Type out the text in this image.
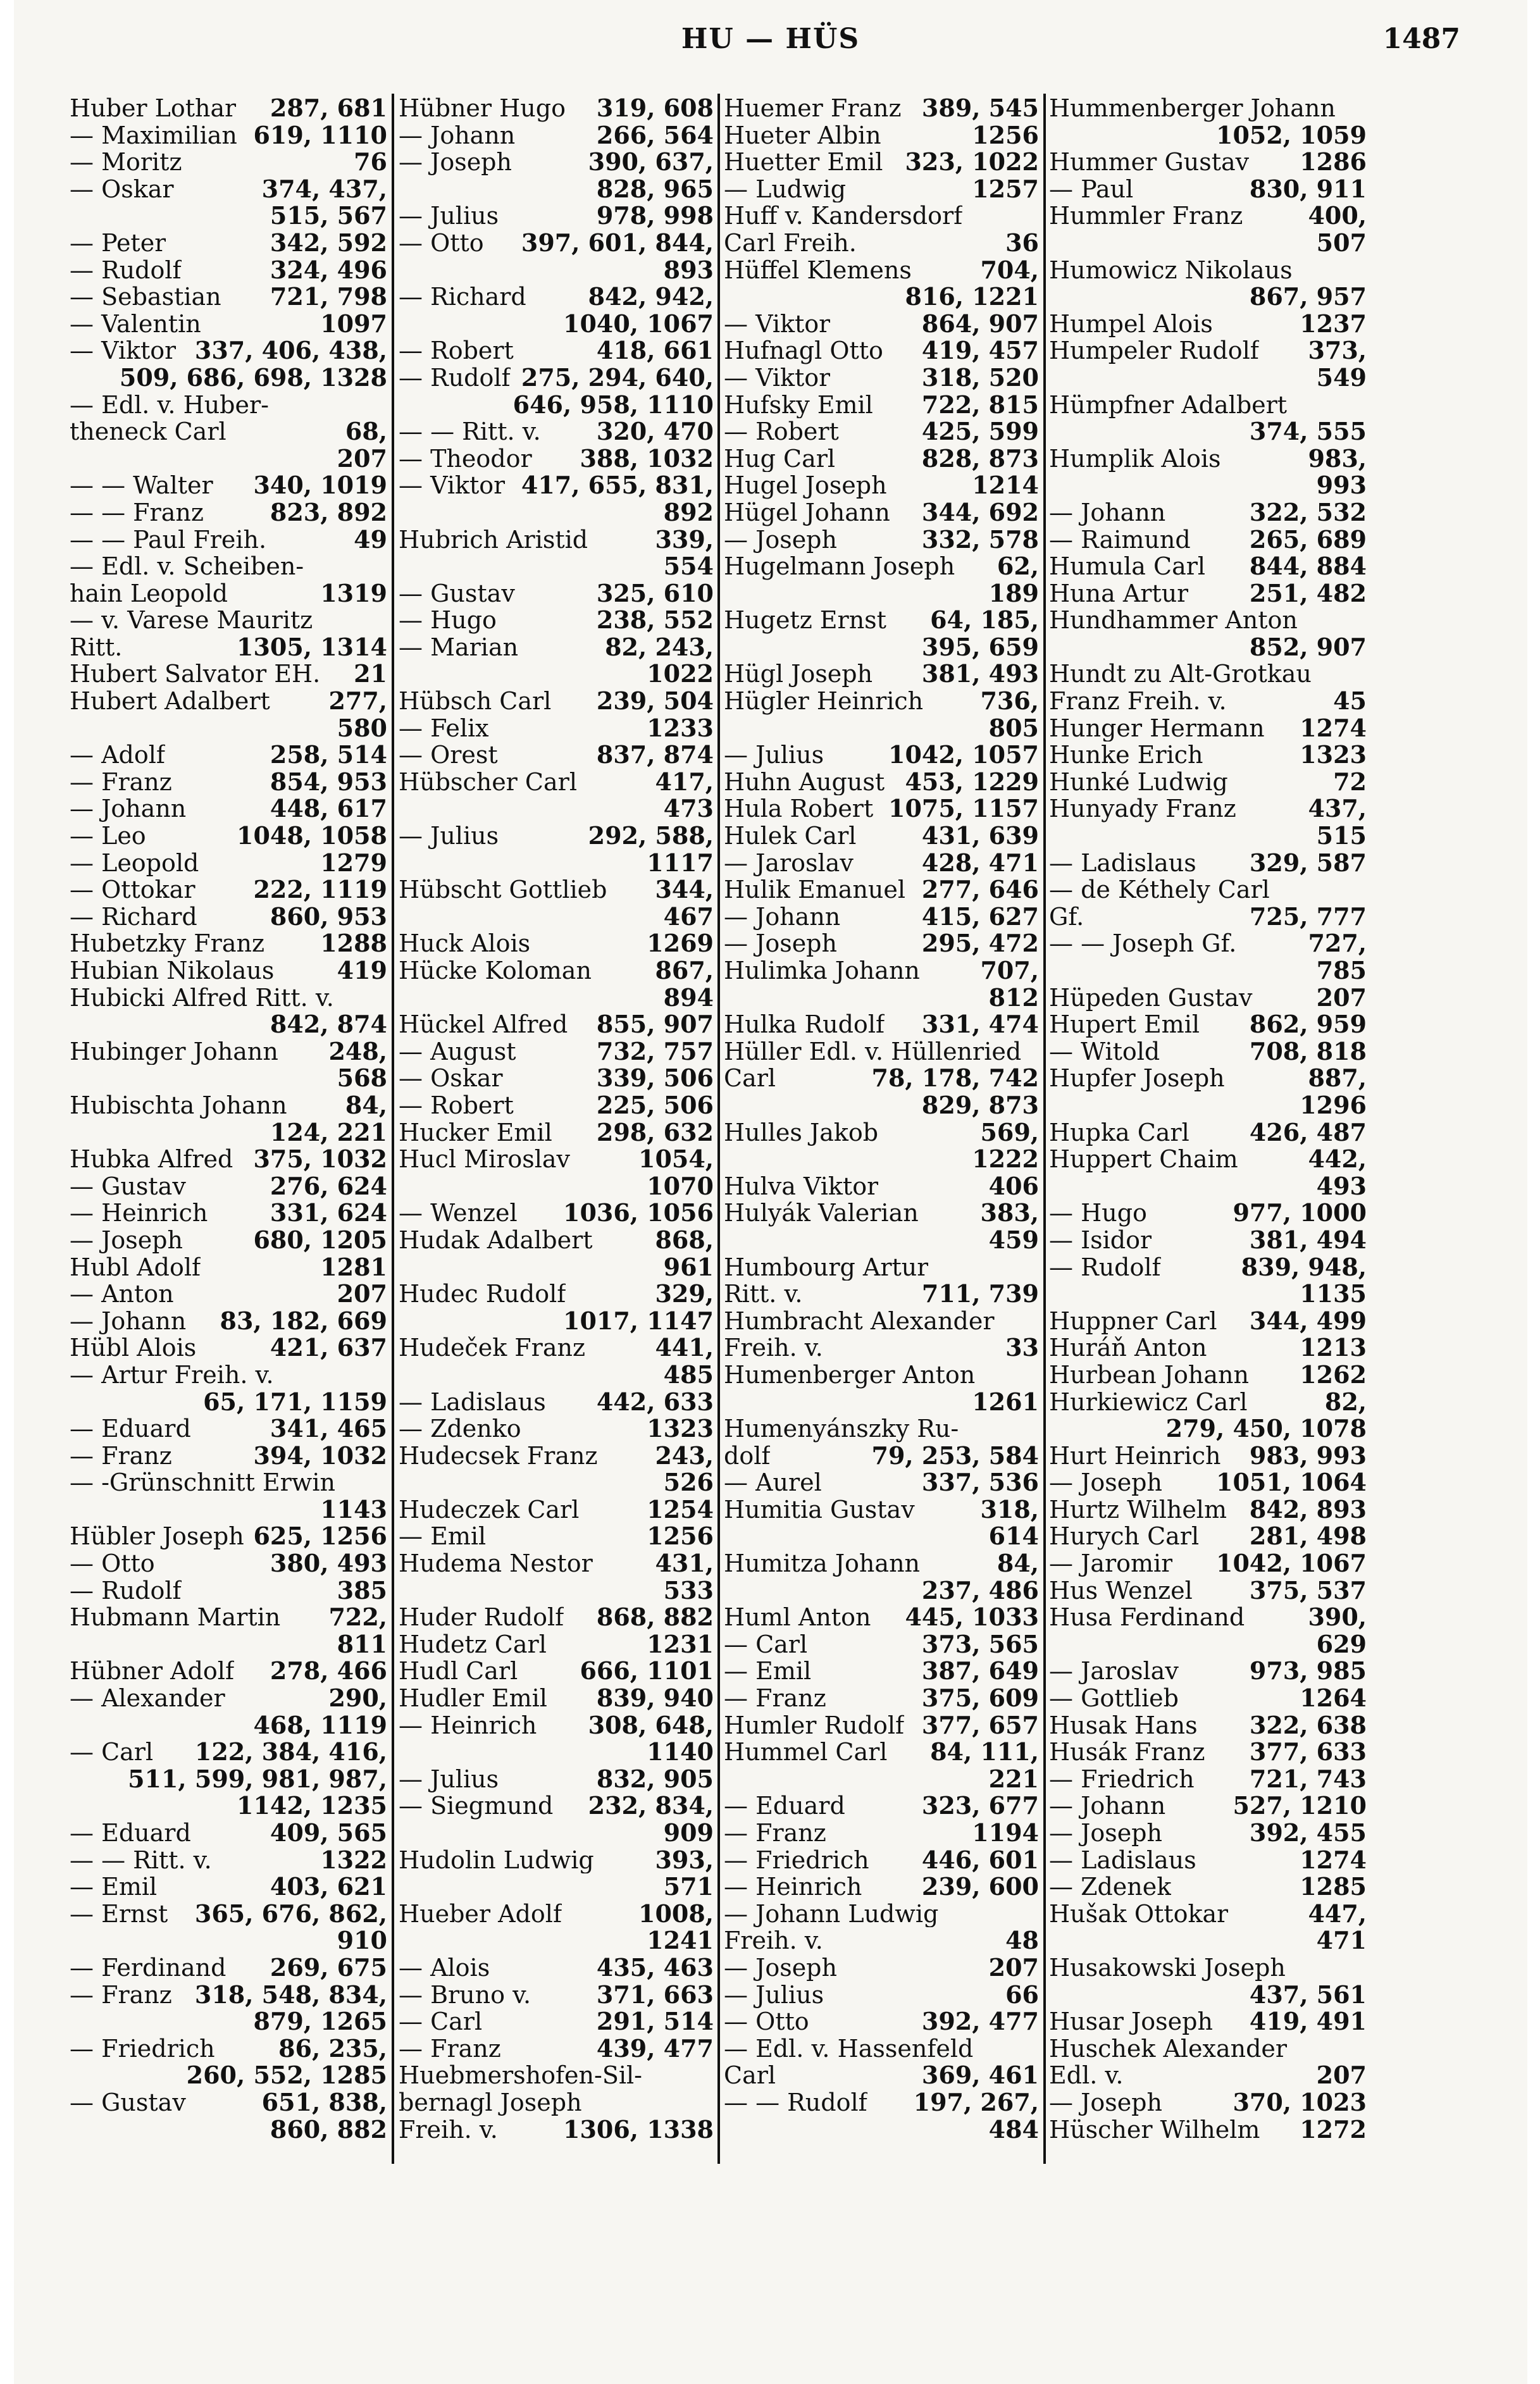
HU — HÜS	1487
Huber Lothar 287, 681
— Maximilian 619, 1110
— Moritz	76
— Oskar	374, 437,
515, 567
— Peter	342, 592
— Rudolf	324, 496
— Sebastian 721, 798
— Valentin	1097
— Viktor 337, 406, 438,
509, 686, 698, 1328
— Edl. v. Huber-
theneck Carl	68,
207
— — Walter 340, 1019
— — Franz	823, 892
— — Paul Freih.	49
— Edl. v. Scheiben-
hain Leopold	1319
— v. Varese Mauritz
Ritt.	1305, 1314
Hubert Salvator EH. 21
Hubert Adalbert 277,
580
— Adolf	258, 514
— Franz	854, 953
— Johann	448, 617
— Leo	1048, 1058
— Leopold	1279
— Ottokar 222, 1119
— Richard	860, 953
Hubetzky Franz 1288
Hubian Nikolaus	419
Hubicki Alfred Ritt. v.
842, 874
Hubinger Johann 248,
568
Hubischta Johann 84,
124, 221
Hubka Alfred 375, 1032
— Gustav	276, 624
— Heinrich	331, 624
— Joseph	680, 1205
Hubl Adolf	1281
— Anton	207
— Johann 83, 182, 669
Hübl Alois	421, 637
— Artur Freih. v.
65, 171, 1159
— Eduard	341, 465
— Franz	394, 1032
— -Grünschnitt Erwin
1143
Hübler Joseph 625, 1256
— Otto	380, 493
— Rudolf	385
Hubmann Martin 722,
811
Hübner Adolf 278, 466
— Alexander	290,
468, 1119
— Carl 122, 384, 416,
511, 599, 981, 987,
1142, 1235
— Eduard	409, 565
— — Ritt. v.	1322
— Emil	403, 621
— Ernst 365, 676, 862,
910
— Ferdinand 269, 675
— Franz 318, 548, 834,
879, 1265
— Friedrich	86, 235,
260, 552, 1285
— Gustav	651, 838,
860, 882
Hübner Hugo 319, 608
— Johann	266, 564
— Joseph	390, 637,
828, 965
— Julius	978, 998
— Otto 397, 601, 844,
893
— Richard	842, 942,
1040, 1067
— Robert	418, 661
— Rudolf 275, 294, 640,
646, 958, 1110
— — Ritt. v. 320, 470
— Theodor 388, 1032
— Viktor 417, 655, 831,
892
Hubrich Aristid	339,
554
— Gustav	325, 610
— Hugo	238, 552
— Marian	82, 243,
1022
Hübsch Carl 239, 504
— Felix	1233
— Orest	837, 874
Hübscher Carl	417,
473
— Julius	292, 588,
1117
Hübscht Gottlieb 344,
467
Huck Alois	1269
Hücke Koloman	867,
894
Hückel Alfred 855, 907
— August	732, 757
— Oskar	339, 506
— Robert	225, 506
Hucker Emil 298, 632
Hucl Miroslav	1054,
1070
— Wenzel 1036, 1056
Hudak Adalbert	868,
961
Hudec Rudolf	329,
1017, 1147
Hudeček Franz	441,
485
— Ladislaus 442, 633
— Zdenko	1323
Hudecsek Franz 243,
526
Hudeczek Carl	1254
— Emil	1256
Hudema Nestor	431,
533
Huder Rudolf 868, 882
Hudetz Carl	1231
Hudl Carl	666, 1101
Hudler Emil 839, 940
— Heinrich 308, 648,
1140
— Julius	832, 905
— Siegmund 232, 834,
909
Hudolin Ludwig	393,
571
Hueber Adolf	1008,
1241
— Alois	435, 463
— Bruno v.	371, 663
— Carl	291, 514
— Franz	439, 477
Huebmershofen-Sil-
bernagl Joseph
Freih. v.	1306, 1338
Huemer Franz 389, 545
Hueter Albin	1256
Huetter Emil 323, 1022
— Ludwig	1257
Huff v. Kandersdorf
Carl Freih.	36
Hüffel Klemens	704,
816, 1221
— Viktor	864, 907
Hufnagl Otto 419, 457
— Viktor	318, 520
Hufsky Emil 722, 815
— Robert	425, 599
Hug Carl	828, 873
Hugel Joseph	1214
Hügel Johann 344, 692
— Joseph	332, 578
Hugelmann Joseph 62,
189
Hugetz Ernst 64, 185,
395, 659
Hügl Joseph 381, 493
Hügler Heinrich 736,
805
— Julius	1042, 1057
Huhn August 453, 1229
Hula Robert 1075, 1157
Hulek Carl	431, 639
— Jaroslav	428, 471
Hulik Emanuel 277, 646
— Johann	415, 627
— Joseph	295, 472
Hulimka Johann	707,
812
Hulka Rudolf 331, 474
Hüller Edl. v. Hüllenried
Carl	78, 178, 742
829, 873
Hulles Jakob	569,
1222
Hulva Viktor	406
Hulyák Valerian	383,
459
Humbourg Artur
Ritt. v.	711, 739
Humbracht Alexander
Freih. v.	33
Humenberger Anton
1261
Humenyánszky Ru-
dolf	79, 253, 584
— Aurel	337, 536
Humitia Gustav	318,
614
Humitza Johann	84,
237, 486
Huml Anton 445, 1033
— Carl	373, 565
— Emil	387, 649
— Franz	375, 609
Humler Rudolf 377, 657
Hummel Carl 84, 111,
221
— Eduard	323, 677
— Franz	1194
— Friedrich 446, 601
— Heinrich 239, 600
— Johann Ludwig
Freih. v.	48
— Joseph	207
— Julius	66
— Otto	392, 477
— Edl. v. Hassenfeld
Carl	369, 461
— — Rudolf 197, 267,
484
Hummenberger Johann
1052, 1059
Hummer Gustav 1286
— Paul	830, 911
Hummler Franz	400,
507
Humowicz Nikolaus
867, 957
Humpel Alois	1237
Humpeler Rudolf 373,
549
Hümpfner Adalbert
374, 555
Humplik Alois	983,
993
— Johann	322, 532
— Raimund 265, 689
Humula Carl 844, 884
Huna Artur	251, 482
Hundhammer Anton
852, 907
Hundt zu Alt-Grotkau
Franz Freih. v.	45
Hunger Hermann 1274
Hunke Erich	1323
Hunké Ludwig	72
Hunyady Franz	437,
515
— Ladislaus 329, 587
— de Kéthely Carl
Gf.	725, 777
— — Joseph Gf.	727,
785
Hüpeden Gustav	207
Hupert Emil 862, 959
— Witold	708, 818
Hupfer Joseph	887,
1296
Hupka Carl	426, 487
Huppert Chaim	442,
493
— Hugo	977, 1000
— Isidor	381, 494
— Rudolf	839, 948,
1135
Huppner Carl 344, 499
Huráň Anton	1213
Hurbean Johann 1262
Hurkiewicz Carl	82,
279, 450, 1078
Hurt Heinrich 983, 993
— Joseph 1051, 1064
Hurtz Wilhelm 842, 893
Hurych Carl 281, 498
— Jaromir 1042, 1067
Hus Wenzel 375, 537
Husa Ferdinand	390,
629
— Jaroslav	973, 985
— Gottlieb	1264
Husak Hans 322, 638
Husák Franz 377, 633
— Friedrich 721, 743
— Johann	527, 1210
— Joseph	392, 455
— Ladislaus	1274
— Zdenek	1285
Hušak Ottokar	447,
471
Husakowski Joseph
437, 561
Husar Joseph 419, 491
Huschek Alexander
Edl. v.	207
— Joseph	370, 1023
Hüscher Wilhelm 1272
